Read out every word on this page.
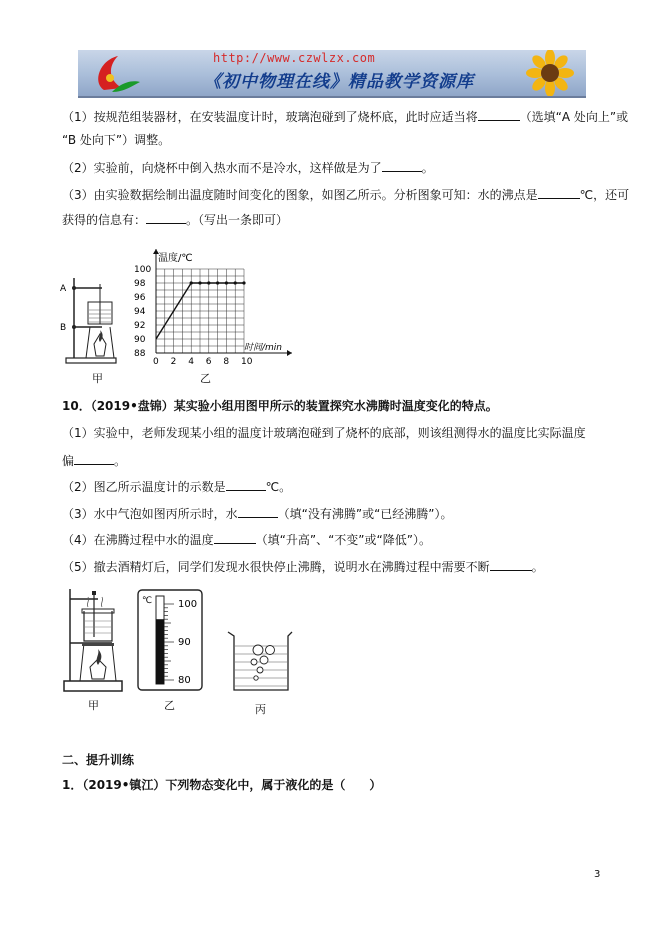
http://www.czwlzx.com
《初中物理在线》精品教学资源库
（1）按规范组装器材，在安装温度计时，玻璃泡碰到了烧杯底，此时应适当将	（选填“A 处向上”或
“B 处向下”）调整。
（2）实验前，向烧杯中倒入热水而不是冷水，这样做是为了	。
（3）由实验数据绘制出温度随时间变化的图象，如图乙所示。分析图象可知：水的沸点是	℃，还可
获得的信息有：	。（写出一条即可）
A
B
甲
0 2 4 6 8 10
88
90
92
94
96
98
100
温度/℃
时间/min
乙
10．（2019•盘锦）某实验小组用图甲所示的装置探究水沸腾时温度变化的特点。
（1）实验中，老师发现某小组的温度计玻璃泡碰到了烧杯的底部，则该组测得水的温度比实际温度
偏	。
（2）图乙所示温度计的示数是	℃。
（3）水中气泡如图丙所示时，水	（填“没有沸腾”或“已经沸腾”）。
（4）在沸腾过程中水的温度	（填“升高”、“不变”或“降低”）。
（5）撤去酒精灯后，同学们发现水很快停止沸腾，说明水在沸腾过程中需要不断	。
甲
100
90
80
℃
乙	丙
二、提升训练
1．（2019•镇江）下列物态变化中，属于液化的是（　　）
3
